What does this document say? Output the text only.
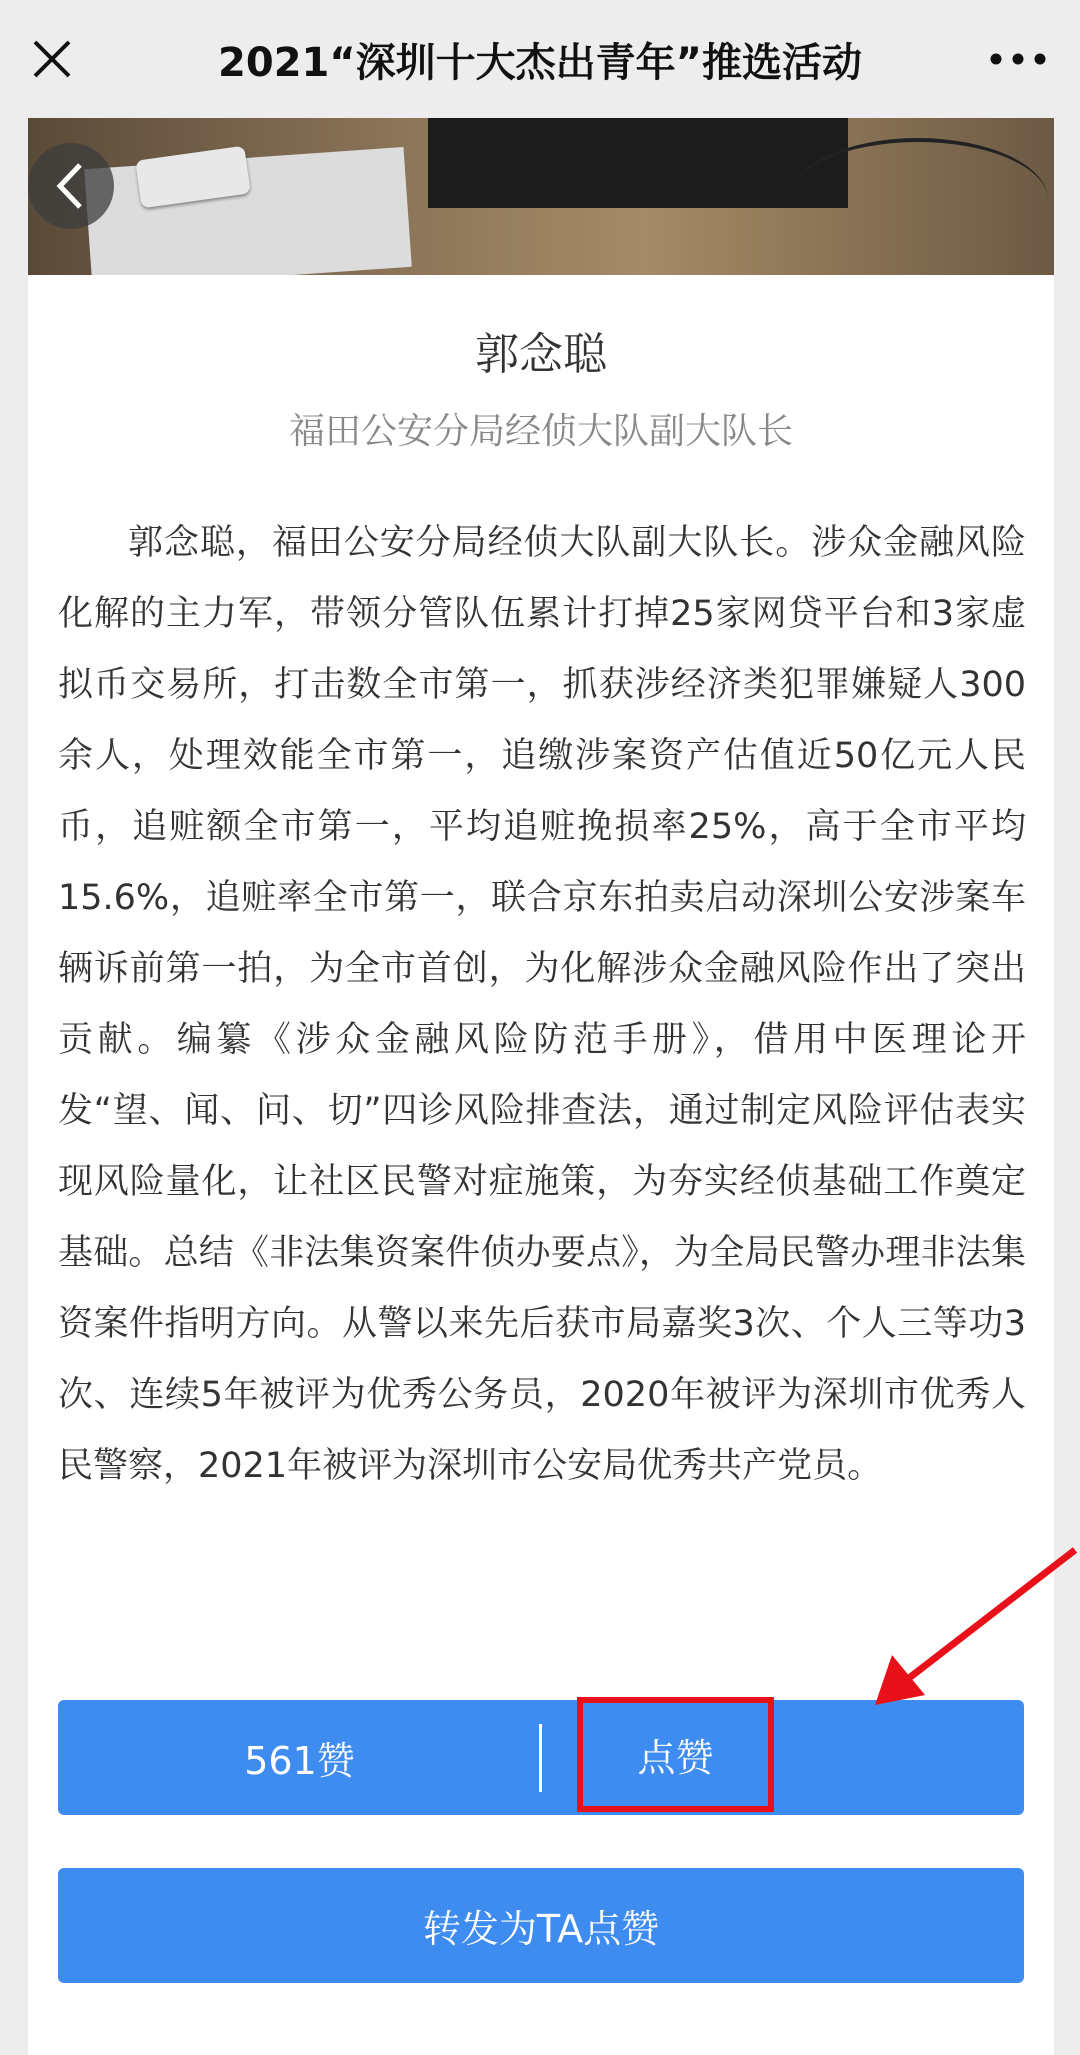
2021“深圳十大杰出青年”推选活动
郭念聪
福田公安分局经侦大队副大队长
郭念聪，福田公安分局经侦大队副大队长。涉众金融风险化解的主力军，带领分管队伍累计打掉25家网贷平台和3家虚拟币交易所，打击数全市第一，抓获涉经济类犯罪嫌疑人300余人，处理效能全市第一，追缴涉案资产估值近50亿元人民币，追赃额全市第一，平均追赃挽损率25%，高于全市平均15.6%，追赃率全市第一，联合京东拍卖启动深圳公安涉案车辆诉前第一拍，为全市首创，为化解涉众金融风险作出了突出贡献。编纂《涉众金融风险防范手册》，借用中医理论开发“望、闻、问、切”四诊风险排查法，通过制定风险评估表实现风险量化，让社区民警对症施策，为夯实经侦基础工作奠定基础。总结《非法集资案件侦办要点》，为全局民警办理非法集资案件指明方向。从警以来先后获市局嘉奖3次、个人三等功3次、连续5年被评为优秀公务员，2020年被评为深圳市优秀人民警察，2021年被评为深圳市公安局优秀共产党员。
561赞	点赞
转发为TA点赞
